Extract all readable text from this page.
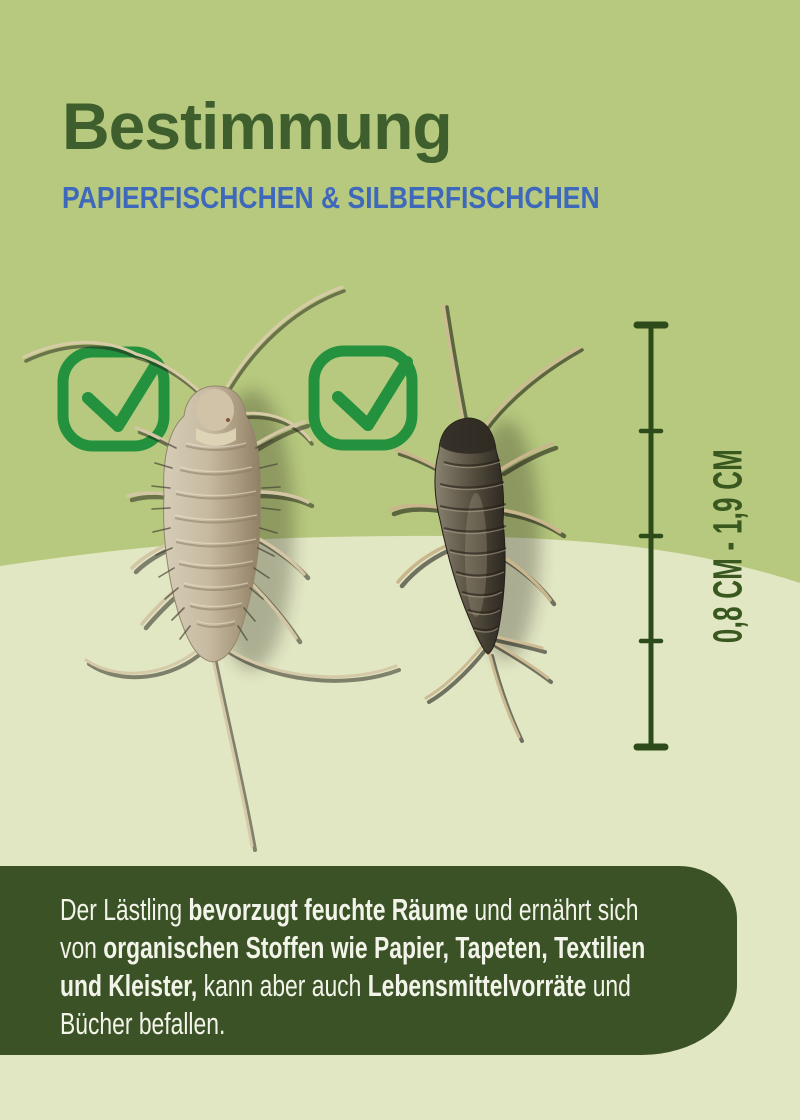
Bestimmung
PAPIERFISCHCHEN & SILBERFISCHCHEN
0,8 CM - 1,9 CM
Der Lästling bevorzugt feuchte Räume und ernährt sich
von organischen Stoffen wie Papier, Tapeten, Textilien
und Kleister, kann aber auch Lebensmittelvorräte und
Bücher befallen.
